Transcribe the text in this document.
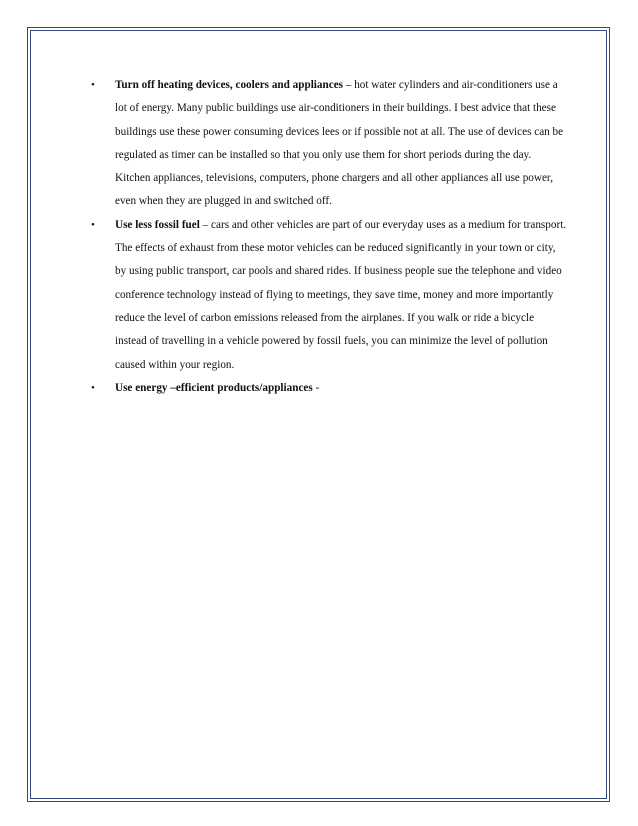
• Turn off heating devices, coolers and appliances – hot water cylinders and air-conditioners use a lot of energy. Many public buildings use air-conditioners in their buildings. I best advice that these buildings use these power consuming devices lees or if possible not at all. The use of devices can be regulated as timer can be installed so that you only use them for short periods during the day. Kitchen appliances, televisions, computers, phone chargers and all other appliances all use power, even when they are plugged in and switched off.
• Use less fossil fuel – cars and other vehicles are part of our everyday uses as a medium for transport. The effects of exhaust from these motor vehicles can be reduced significantly in your town or city, by using public transport, car pools and shared rides. If business people sue the telephone and video conference technology instead of flying to meetings, they save time, money and more importantly reduce the level of carbon emissions released from the airplanes. If you walk or ride a bicycle instead of travelling in a vehicle powered by fossil fuels, you can minimize the level of pollution caused within your region.
• Use energy –efficient products/appliances -
